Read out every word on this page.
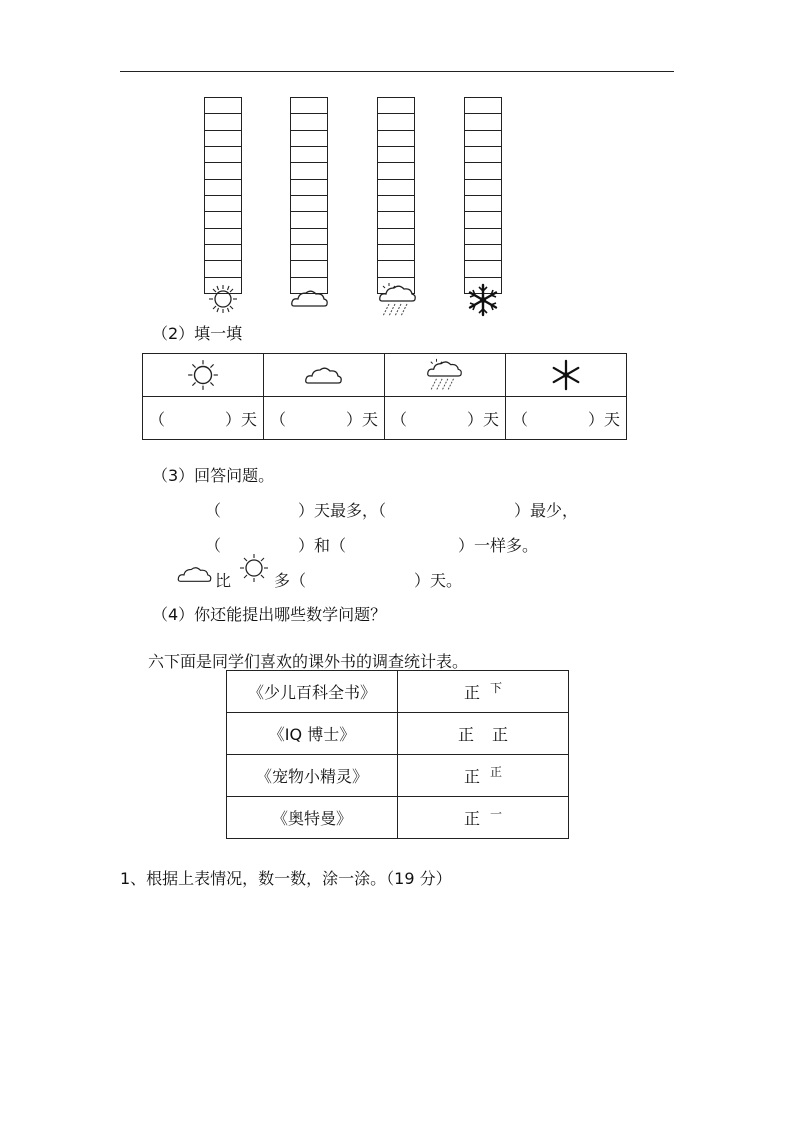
（2）填一填

（ ）天	（ ）天	（ ）天	（ ）天
（3）回答问题。
（	）天最多，（	）最少，
（	）和（	）一样多。
比	多（	）天。
（4）你还能提出哪些数学问题？
六下面是同学们喜欢的课外书的调查统计表。
《少儿百科全书》	正 下

《IQ 博士》	正 正

《宠物小精灵》	正 正

《奥特曼》	正 一
1、根据上表情况，数一数，涂一涂。（19 分）
